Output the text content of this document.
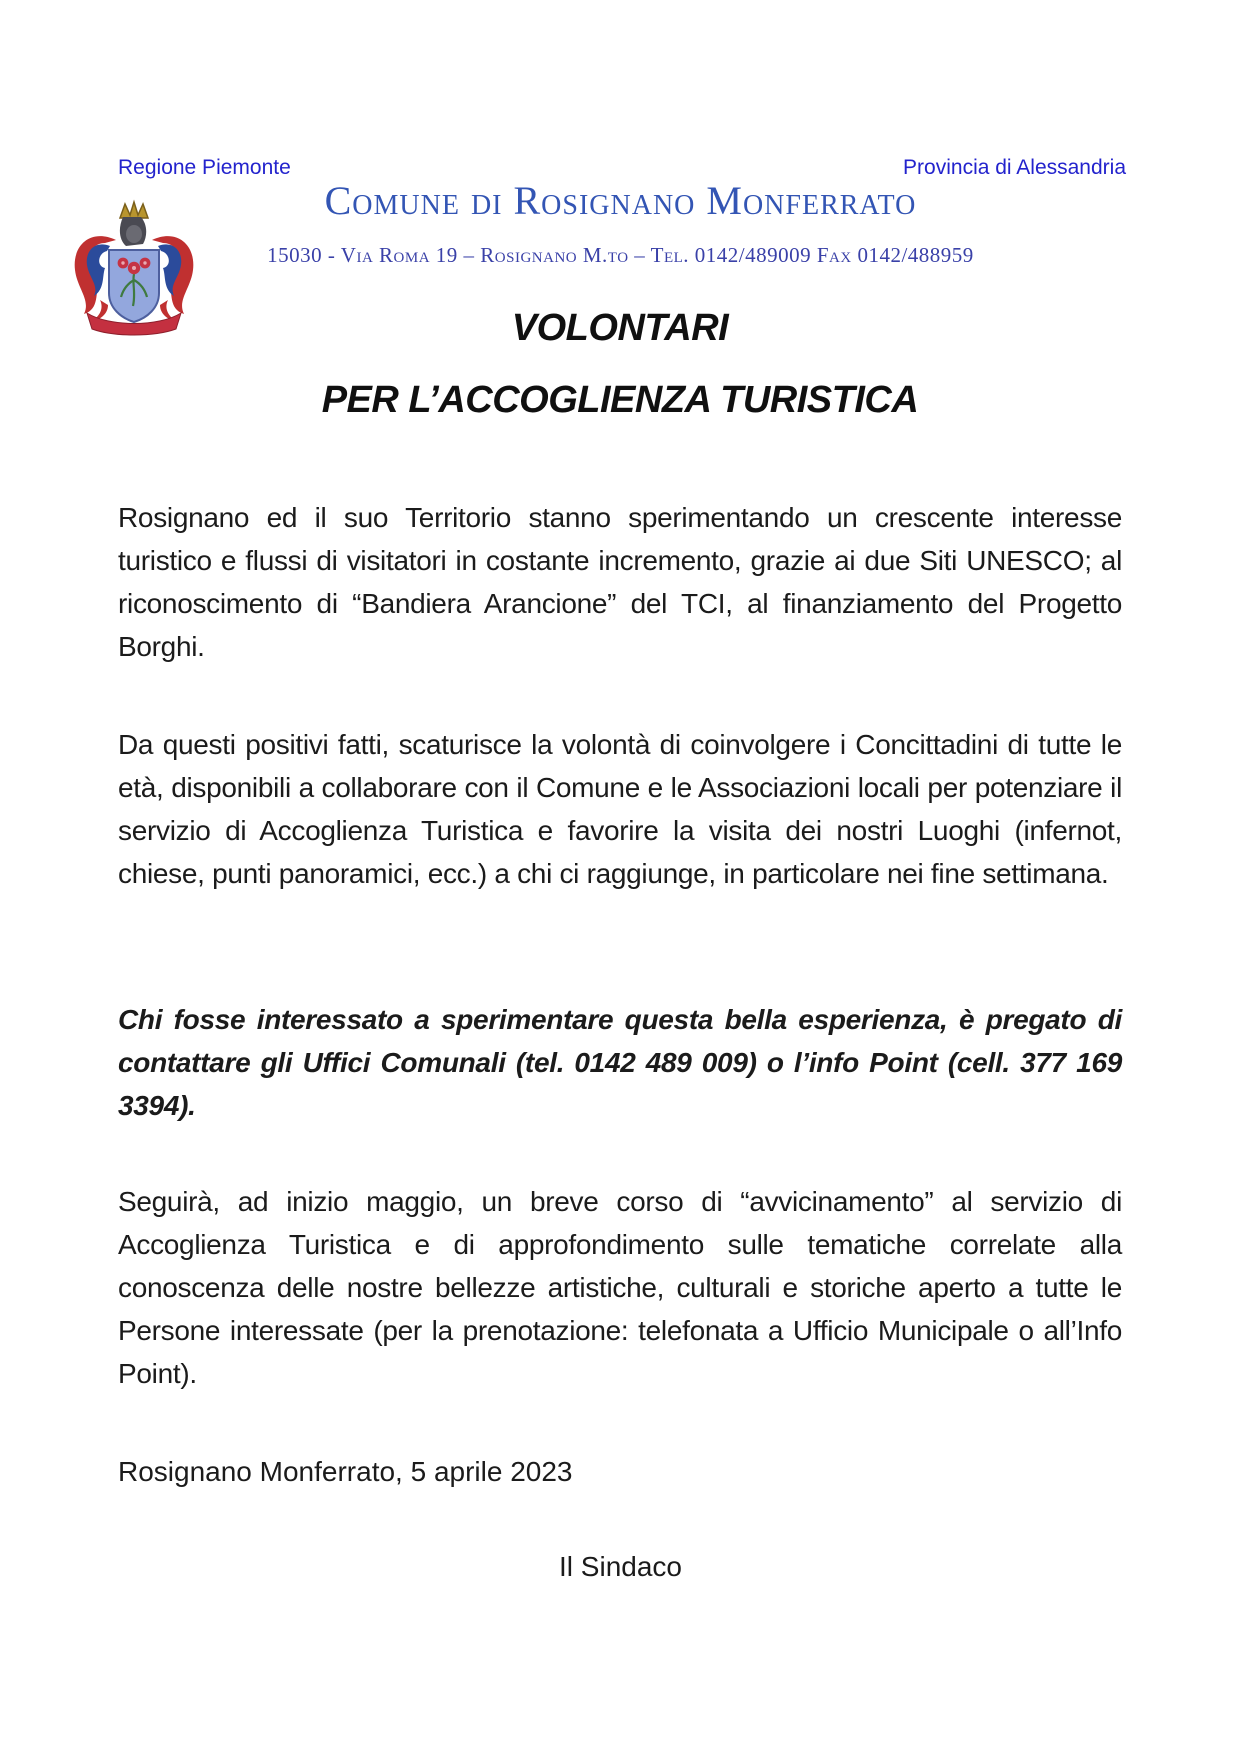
Regione Piemonte	Provincia di Alessandria
Comune di Rosignano Monferrato
15030 - Via Roma 19 – Rosignano M.to – Tel. 0142/489009 Fax 0142/488959
VOLONTARI
PER L’ACCOGLIENZA TURISTICA
Rosignano ed il suo Territorio stanno sperimentando un crescente interesse turistico e flussi di visitatori in costante incremento, grazie ai due Siti UNESCO; al riconoscimento di “Bandiera Arancione” del TCI, al finanziamento del Progetto Borghi.
Da questi positivi fatti, scaturisce la volontà di coinvolgere i Concittadini di tutte le età, disponibili a collaborare con il Comune e le Associazioni locali per potenziare il servizio di Accoglienza Turistica e favorire la visita dei nostri Luoghi (infernot, chiese, punti panoramici, ecc.) a chi ci raggiunge, in particolare nei fine settimana.
Chi fosse interessato a sperimentare questa bella esperienza, è pregato di contattare gli Uffici Comunali (tel. 0142 489 009) o l’info Point (cell. 377 169 3394).
Seguirà, ad inizio maggio, un breve corso di “avvicinamento” al servizio di Accoglienza Turistica e di approfondimento sulle tematiche correlate alla conoscenza delle nostre bellezze artistiche, culturali e storiche aperto a tutte le Persone interessate (per la prenotazione: telefonata a Ufficio Municipale o all’Info Point).
Rosignano Monferrato, 5 aprile 2023
Il Sindaco
